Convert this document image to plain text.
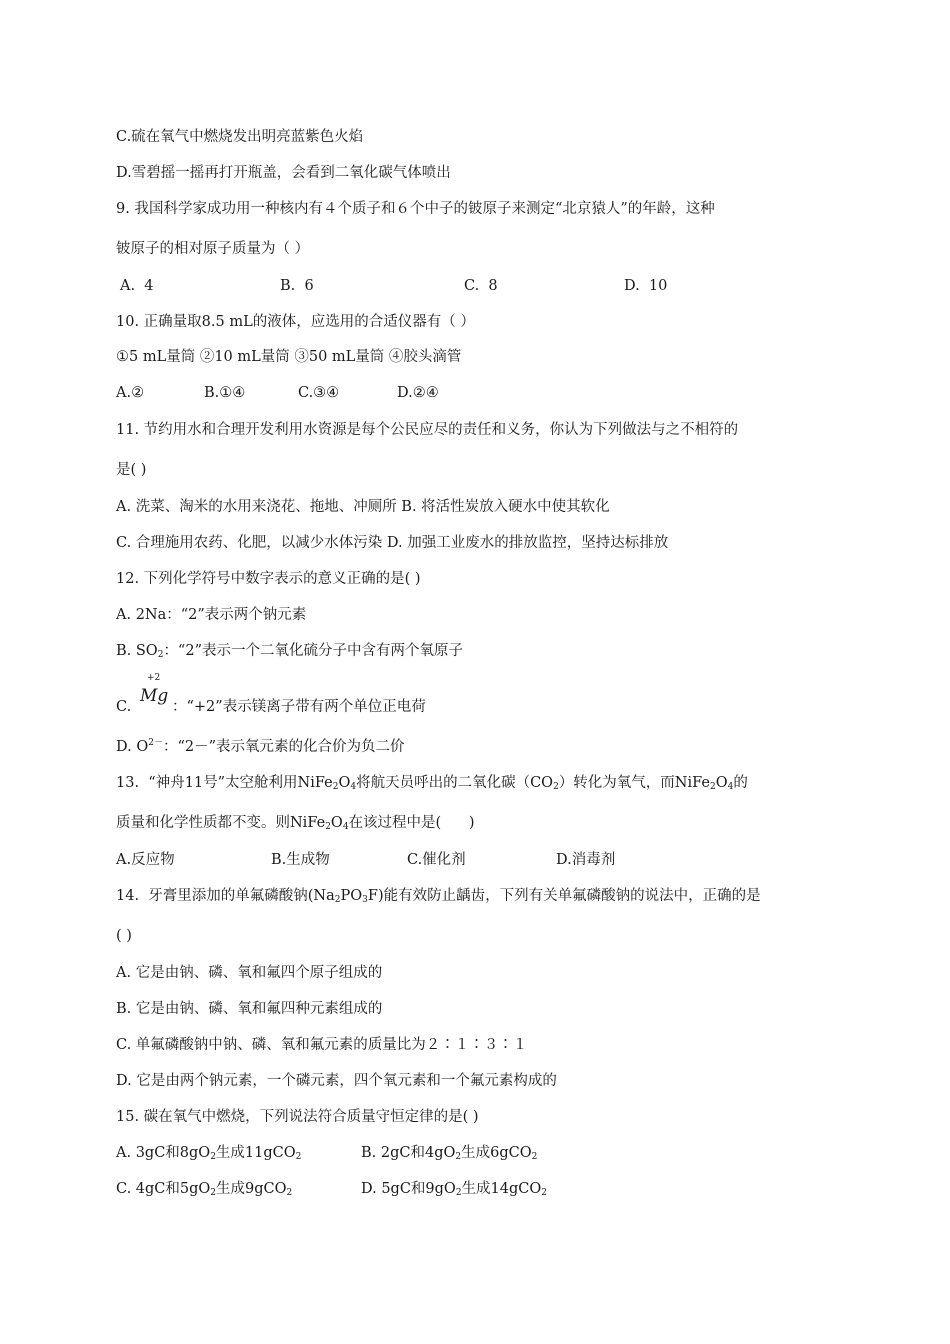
C.硫在氧气中燃烧发出明亮蓝紫色火焰
D.雪碧摇一摇再打开瓶盖，会看到二氧化碳气体喷出
9. 我国科学家成功用一种核内有４个质子和６个中子的铍原子来测定“北京猿人”的年龄，这种
铍原子的相对原子质量为（ ）
A.  4	B.  6	C.  8	D.  10
10. 正确量取8.5 mL的液体，应选用的合适仪器有（ ）
①5 mL量筒 ②10 mL量筒 ③50 mL量筒 ④胶头滴管
A.②	B.①④	C.③④	D.②④
11. 节约用水和合理开发利用水资源是每个公民应尽的责任和义务，你认为下列做法与之不相符的
是( )
A. 洗菜、淘米的水用来浇花、拖地、冲厕所 B. 将活性炭放入硬水中使其软化
C. 合理施用农药、化肥，以减少水体污染 D. 加强工业废水的排放监控，坚持达标排放
12. 下列化学符号中数字表示的意义正确的是( )
A. 2Na：“2”表示两个钠元素
B. $SO_2$：“2”表示一个二氧化硫分子中含有两个氧原子
C.
+2
Mg
：“+2”表示镁离子带有两个单位正电荷
D. $O^{2-}$：“2－”表示氧元素的化合价为负二价
13.  “神舟11号”太空舱利用$NiFe_2O_4$将航天员呼出的二氧化碳$(CO_2)$转化为氧气，而$NiFe_2O_4$的
质量和化学性质都不变。则$NiFe_2O_4$在该过程中是(      )
A.反应物	B.生成物	C.催化剂	D.消毒剂
14.  牙膏里添加的单氟磷酸钠$(Na_2PO_3F)$能有效防止龋齿，下列有关单氟磷酸钠的说法中，正确的是
( )
A. 它是由钠、磷、氧和氟四个原子组成的
B. 它是由钠、磷、氧和氟四种元素组成的
C. 单氟磷酸钠中钠、磷、氧和氟元素的质量比为２∶１∶３∶１
D. 它是由两个钠元素，一个磷元素，四个氧元素和一个氟元素构成的
15. 碳在氧气中燃烧，下列说法符合质量守恒定律的是( )
A. 3gC和$8gO_2$生成11gCO$_2$	B. 2gC和$4gO_2$生成6gCO$_2$
C. 4gC和$5gO_2$生成9gCO$_2$	D. 5gC和$9gO_2$生成14gCO$_2$
